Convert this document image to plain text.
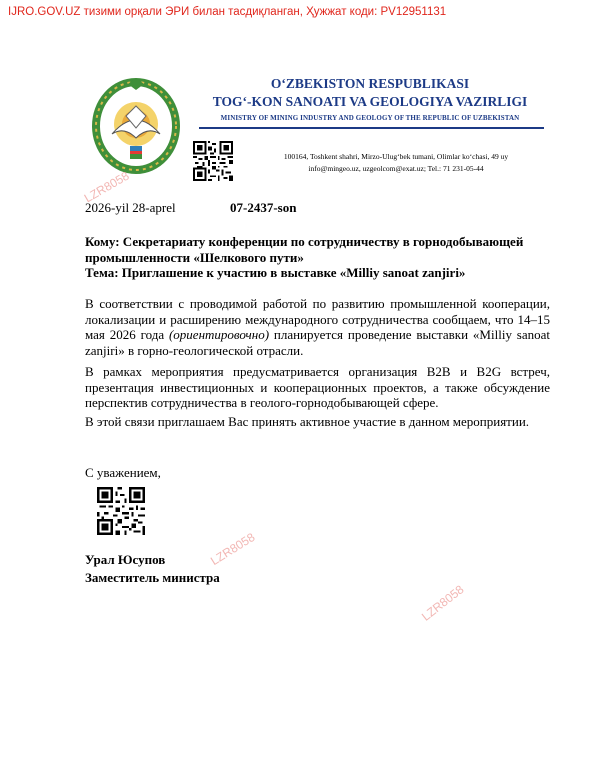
IJRO.GOV.UZ тизими орқали ЭРИ билан тасдиқланган, Ҳужжат коди: PV12951131
O‘ZBEKISTON RESPUBLIKASI
TOG‘-KON SANOATI VA GEOLOGIYA VAZIRLIGI
MINISTRY OF MINING INDUSTRY AND GEOLOGY OF THE REPUBLIC OF UZBEKISTAN
100164, Toshkent shahri, Mirzo-Ulug‘bek tumani, Olimlar ko‘chasi, 49 uy
info@mingeo.uz, uzgeolcom@exat.uz; Tel.: 71 231-05-44
LZR8058
2026-yil 28-aprel	07-2437-son
Кому: Секретариату конференции по сотрудничеству в горнодобывающей промышленности «Шелкового пути»
Тема: Приглашение к участию в выставке «Milliy sanoat zanjiri»
В соответствии с проводимой работой по развитию промышленной кооперации, локализации и расширению международного сотрудничества сообщаем, что 14–15 мая 2026 года (ориентировочно) планируется проведение выставки «Milliy sanoat zanjiri» в горно-геологической отрасли.
В рамках мероприятия предусматривается организация B2B и B2G встреч, презентация инвестиционных и кооперационных проектов, а также обсуждение перспектив сотрудничества в геолого-горнодобывающей сфере.
В этой связи приглашаем Вас принять активное участие в данном мероприятии.
С уважением,
LZR8058
Урал Юсупов
Заместитель министра
LZR8058
